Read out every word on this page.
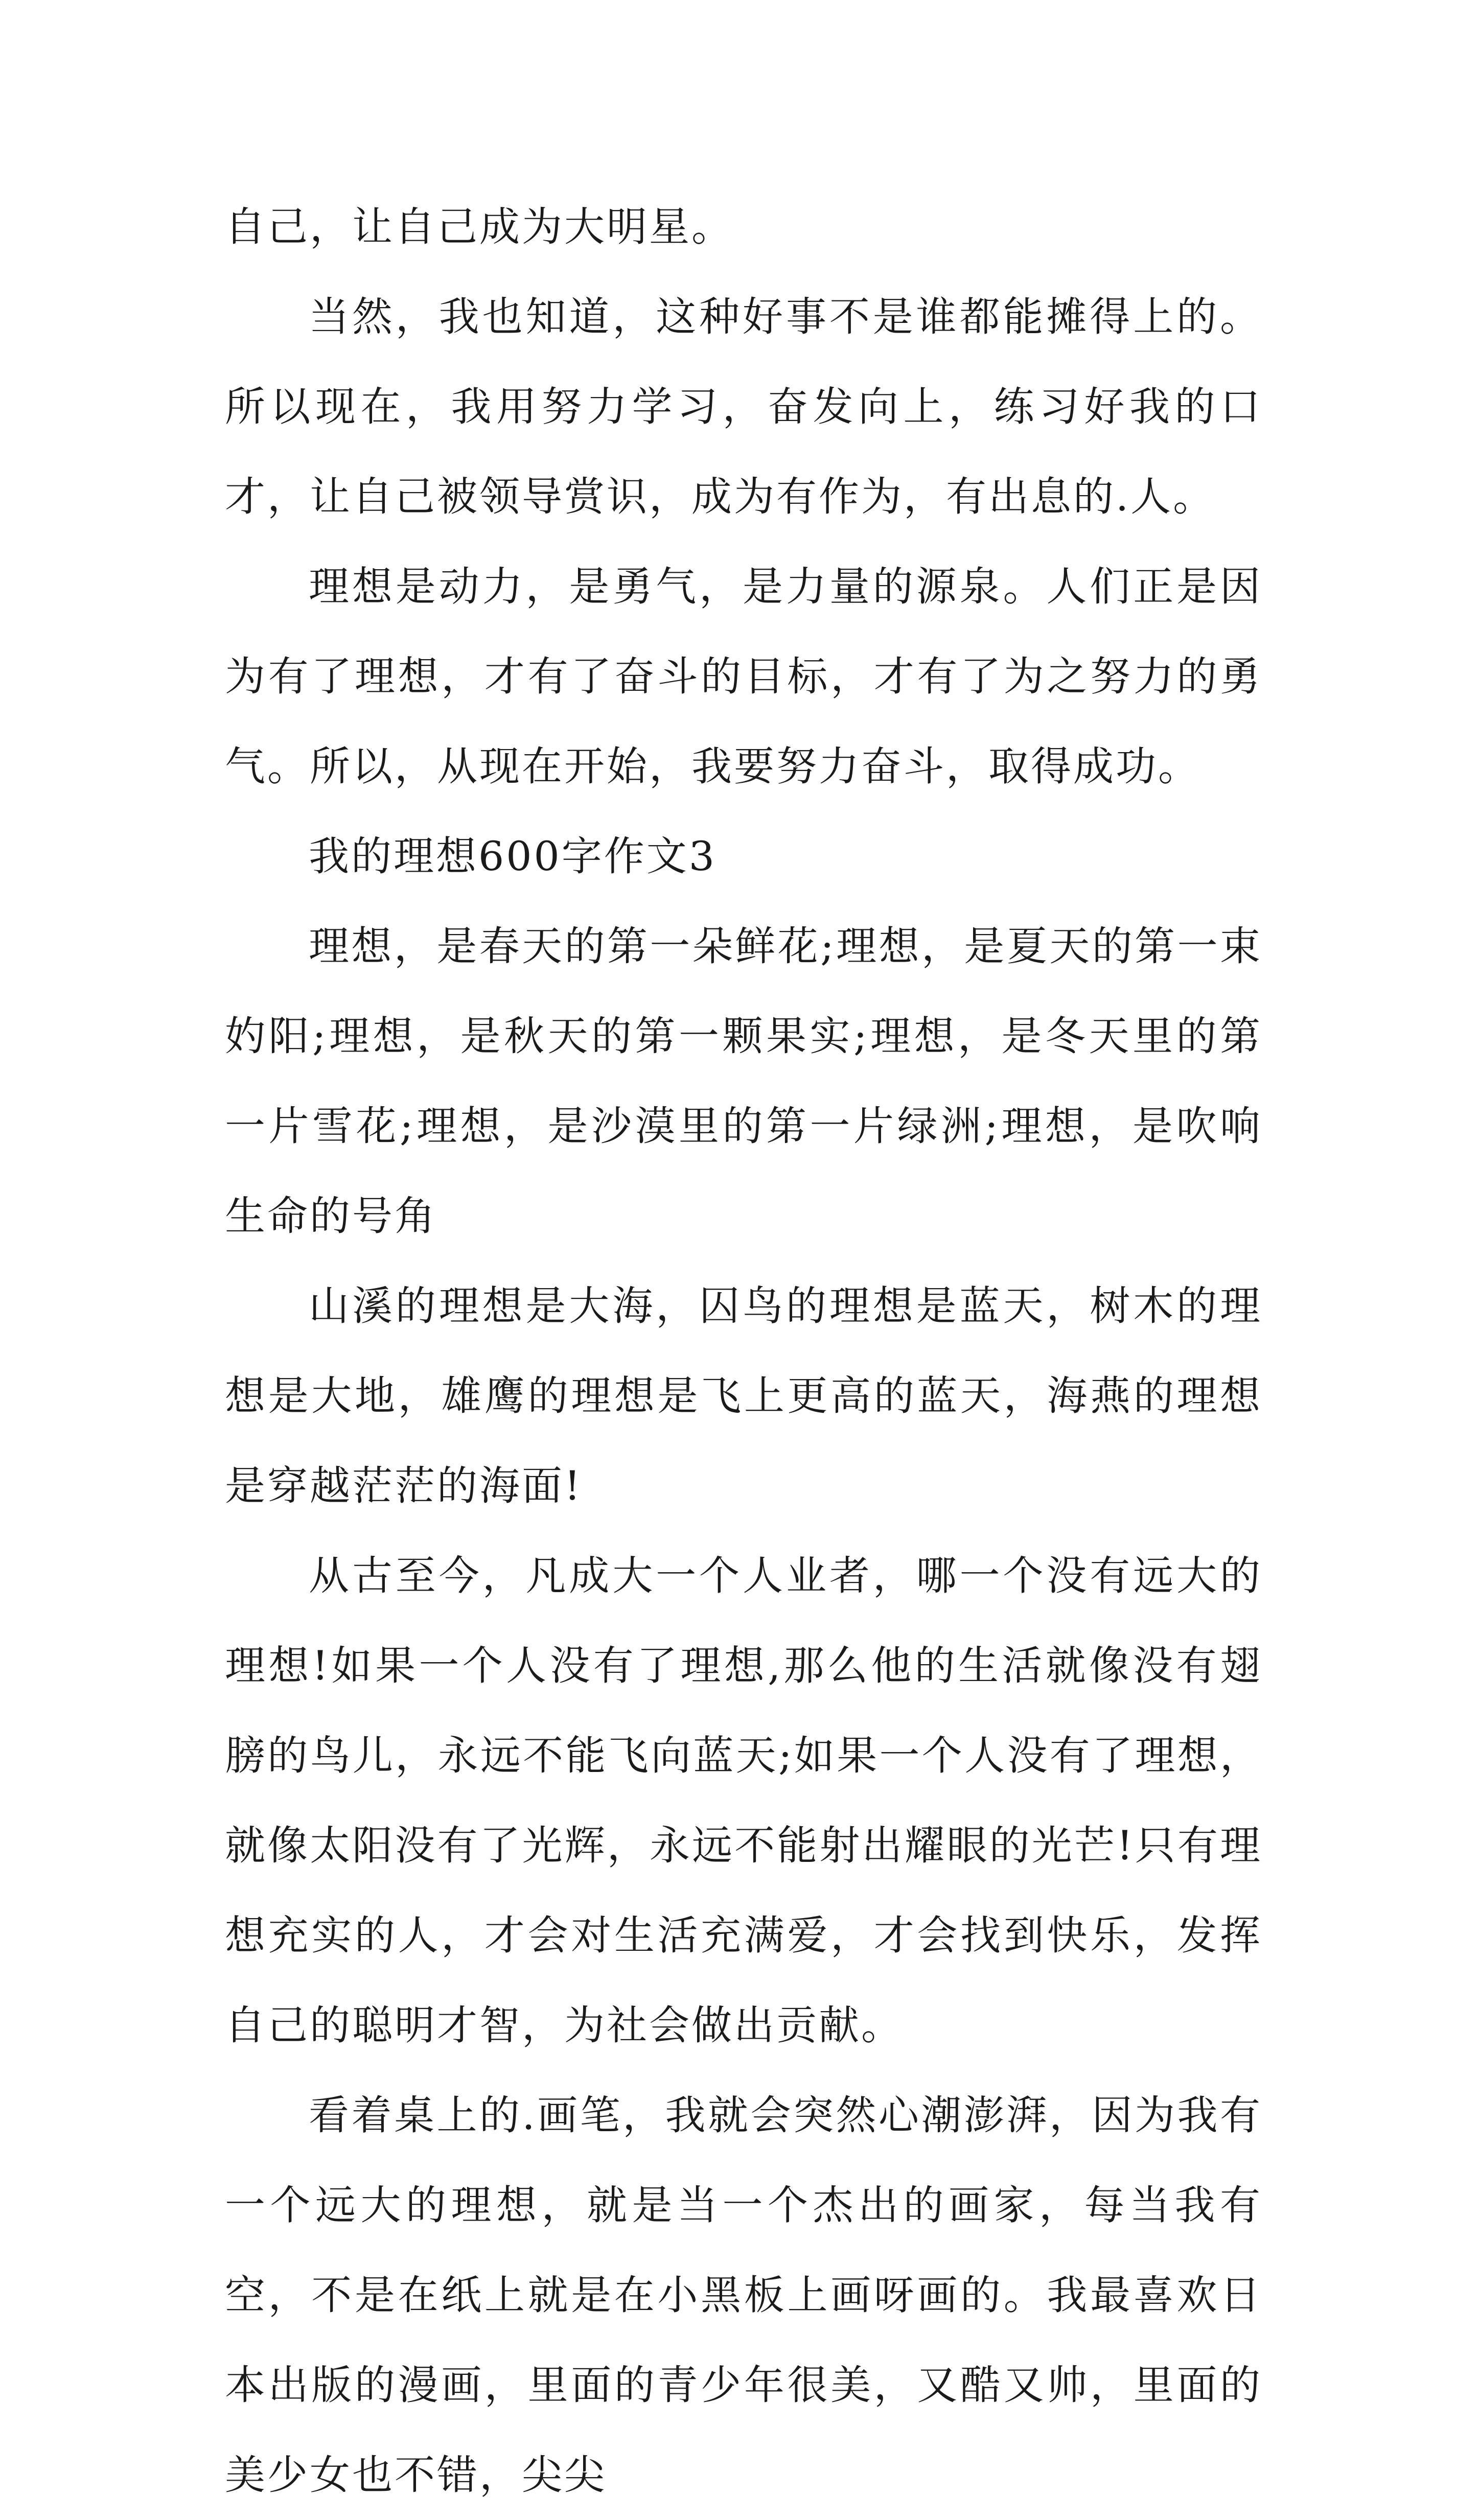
自己，让自己成为大明星。

当然，我也知道，这种好事不是谁都能摊得上的。所以现在，我用努力学习，奋发向上，练习好我的口才，让自己被领导赏识，成为有作为，有出息的.人。

理想是动力，是勇气，是力量的源泉。人们正是因为有了理想，才有了奋斗的目标，才有了为之努力的勇气。所以，从现在开始，我要努力奋斗，取得成功。

我的理想600字作文3

理想，是春天的第一朵鲜花;理想，是夏天的第一束妁阳;理想，是秋天的第一颗果实;理想，是冬天里的第一片雪花;理想，是沙漠里的第一片绿洲;理想，是吹响生命的号角

山溪的理想是大海，囚鸟的理想是蓝天，树木的理想是大地，雄鹰的理想是飞上更高的蓝天，海燕的理想是穿越茫茫的海面!

从古至今，凡成大一个人业者，哪一个没有远大的理想!如果一个人没有了理想,那么他的生活就像没有翅膀的鸟儿，永远不能飞向蓝天;如果一个人没有了理想，就像太阳没有了光辉，永远不能射出耀眼的光芒!只有理想充实的人，才会对生活充满爱，才会找到快乐，发挥自己的聪明才智，为社会做出贡献。

看着桌上的.画笔，我就会突然心潮澎湃，因为我有一个远大的理想，就是当一个杰出的画家，每当我有空，不是在纸上就是在小黑板上画呀画的。我最喜欢日本出版的漫画，里面的青少年很美，又酷又帅，里面的美少女也不错，尖尖
